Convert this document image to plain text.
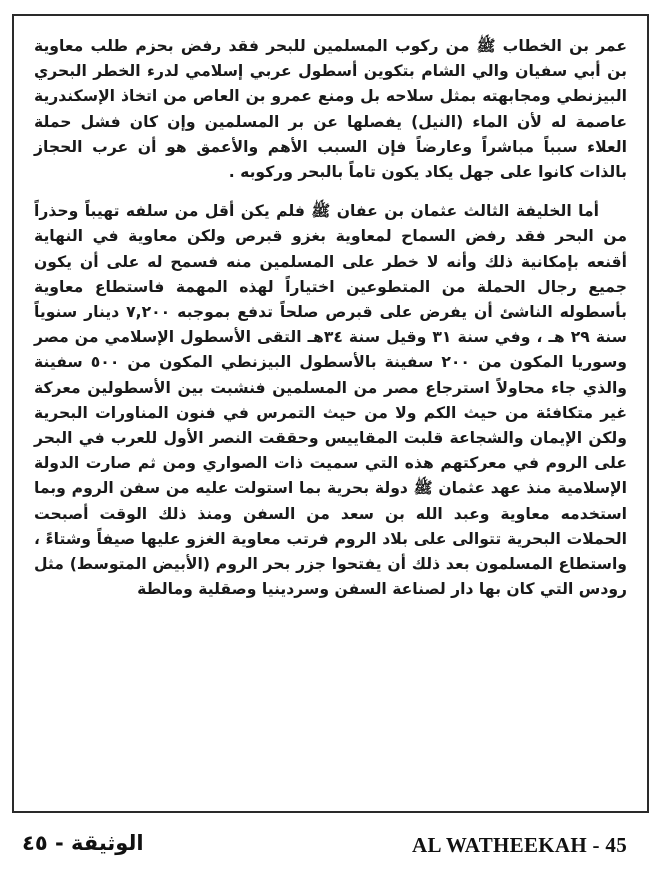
عمر بن الخطاب ﷺ من ركوب المسلمين للبحر فقد رفض بحزم طلب معاوية بن أبي سفيان والي الشام بتكوين أسطول عربي إسلامي لدرء الخطر البحري البيزنطي ومجابهته بمثل سلاحه بل ومنع عمرو بن العاص من اتخاذ الإسكندرية عاصمة له لأن الماء (النيل) يفصلها عن بر المسلمين وإن كان فشل حملة العلاء سبباً مباشراً وعارضاً فإن السبب الأهم والأعمق هو أن عرب الحجاز بالذات كانوا على جهل يكاد يكون تاماً بالبحر وركوبه .

أما الخليفة الثالث عثمان بن عفان ﷺ فلم يكن أقل من سلفه تهيباً وحذراً من البحر فقد رفض السماح لمعاوية بغزو قبرص ولكن معاوية في النهاية أقنعه بإمكانية ذلك وأنه لا خطر على المسلمين منه فسمح له على أن يكون جميع رجال الحملة من المتطوعين اختياراً لهذه المهمة فاستطاع معاوية بأسطوله الناشئ أن يفرض على قبرص صلحاً تدفع بموجبه ٧,٢٠٠ دينار سنوياً سنة ٢٩ هـ ، وفي سنة ٣١ وقيل سنة ٣٤هـ التقى الأسطول الإسلامي من مصر وسوريا المكون من ٢٠٠ سفينة بالأسطول البيزنطي المكون من ٥٠٠ سفينة والذي جاء محاولاً استرجاع مصر من المسلمين فنشبت بين الأسطولين معركة غير متكافئة من حيث الكم ولا من حيث التمرس في فنون المناورات البحرية ولكن الإيمان والشجاعة قلبت المقاييس وحققت النصر الأول للعرب في البحر على الروم في معركتهم هذه التي سميت ذات الصواري ومن ثم صارت الدولة الإسلامية منذ عهد عثمان ﷺ دولة بحرية بما استولت عليه من سفن الروم وبما استخدمه معاوية وعبد الله بن سعد من السفن ومنذ ذلك الوقت أصبحت الحملات البحرية تتوالى على بلاد الروم فرتب معاوية الغزو عليها صيفاً وشتاءً ، واستطاع المسلمون بعد ذلك أن يفتحوا جزر بحر الروم (الأبيض المتوسط) مثل رودس التي كان بها دار لصناعة السفن وسردينيا وصقلية ومالطة

الوثيقة - ٤٥	AL WATHEEKAH - 45
